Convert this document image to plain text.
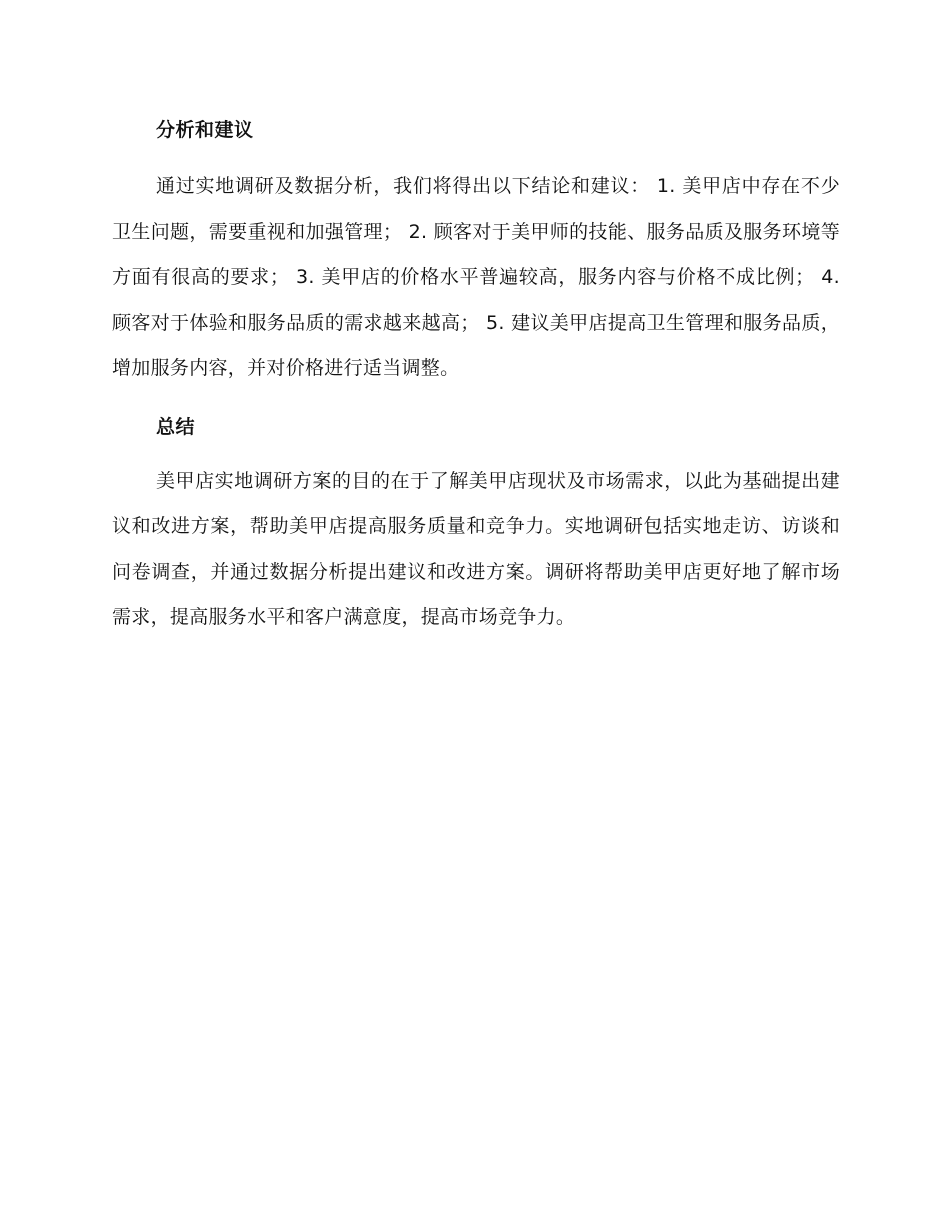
分析和建议

通过实地调研及数据分析，我们将得出以下结论和建议： 1. 美甲店中存在不少卫生问题，需要重视和加强管理； 2. 顾客对于美甲师的技能、服务品质及服务环境等方面有很高的要求； 3. 美甲店的价格水平普遍较高，服务内容与价格不成比例； 4. 顾客对于体验和服务品质的需求越来越高； 5. 建议美甲店提高卫生管理和服务品质，增加服务内容，并对价格进行适当调整。

总结

美甲店实地调研方案的目的在于了解美甲店现状及市场需求，以此为基础提出建议和改进方案，帮助美甲店提高服务质量和竞争力。实地调研包括实地走访、访谈和问卷调查，并通过数据分析提出建议和改进方案。调研将帮助美甲店更好地了解市场需求，提高服务水平和客户满意度，提高市场竞争力。
